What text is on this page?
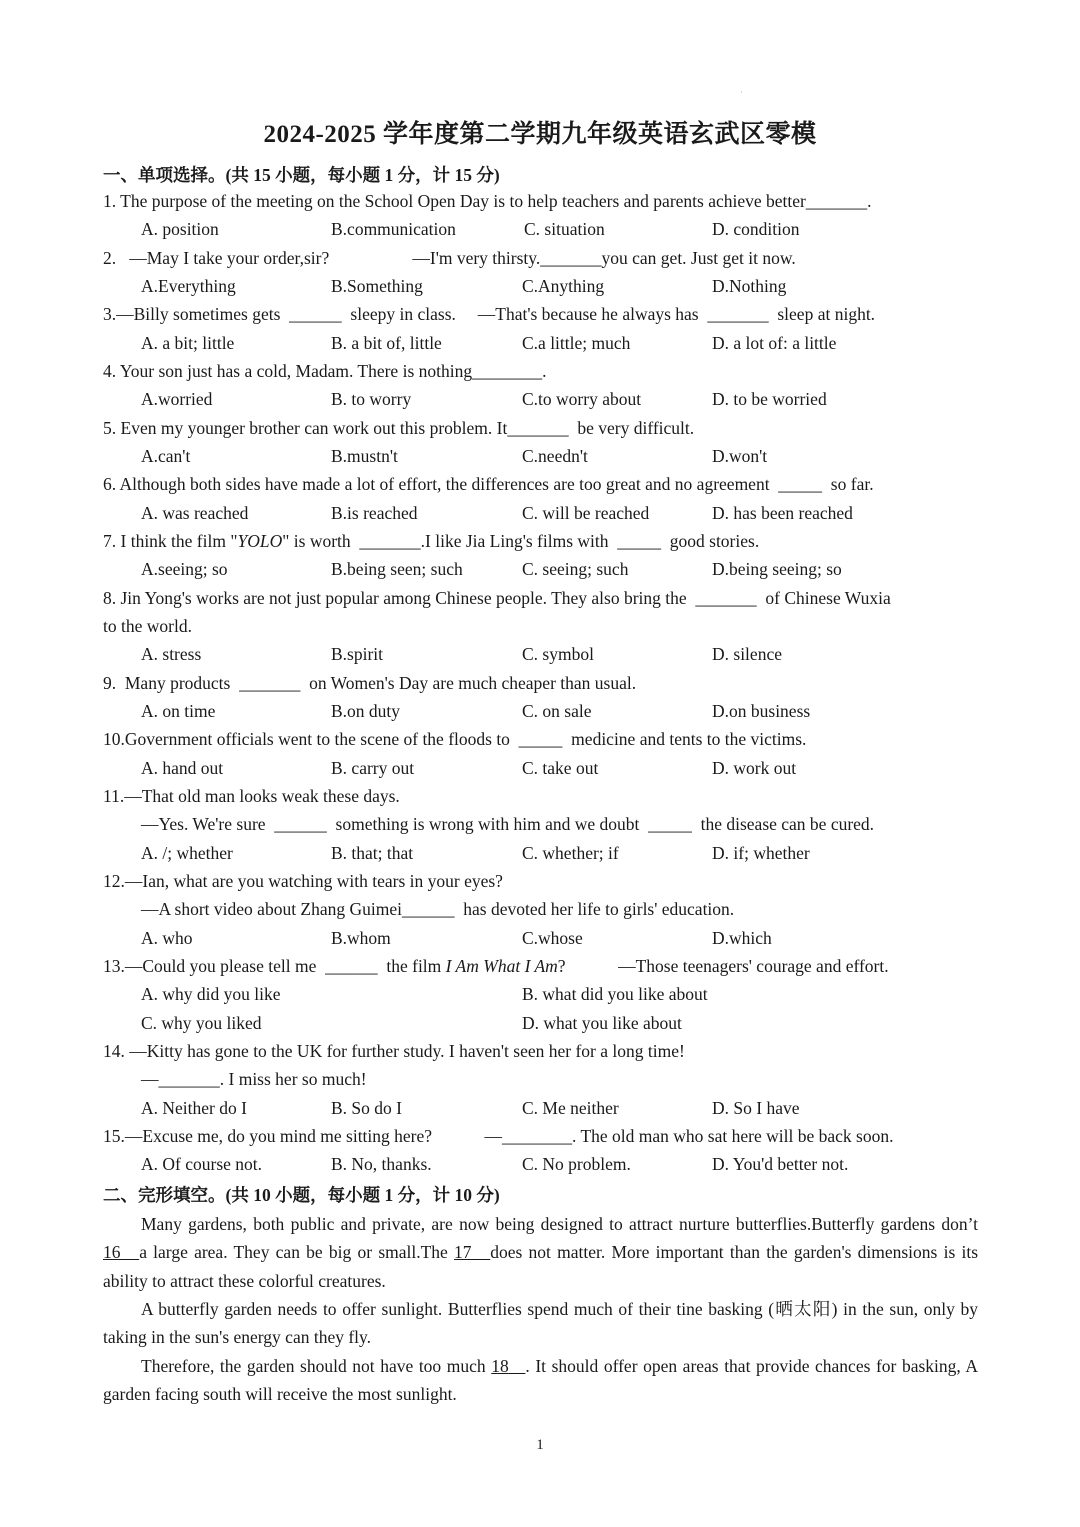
·
2024-2025 学年度第二学期九年级英语玄武区零模
一、单项选择。(共 15 小题，每小题 1 分，计 15 分)
1. The purpose of the meeting on the School Open Day is to help teachers and parents achieve better_______.
A. position	B.communication	C. situation	D. condition
2.   —May I take your order,sir?                   —I'm very thirsty._______you can get. Just get it now.
A.Everything	B.Something	C.Anything	D.Nothing
3.—Billy sometimes gets  ______  sleepy in class.     —That's because he always has  _______  sleep at night.
A. a bit; little	B. a bit of, little	C.a little; much	D. a lot of: a little
4. Your son just has a cold, Madam. There is nothing________.
A.worried	B. to worry	C.to worry about	D. to be worried
5. Even my younger brother can work out this problem. It_______  be very difficult.
A.can't	B.mustn't	C.needn't	D.won't
6. Although both sides have made a lot of effort, the differences are too great and no agreement  _____  so far.
A. was reached	B.is reached	C. will be reached	D. has been reached
7. I think the film "YOLO" is worth  _______.I like Jia Ling's films with  _____  good stories.
A.seeing; so	B.being seen; such	C. seeing; such	D.being seeing; so
8. Jin Yong's works are not just popular among Chinese people. They also bring the  _______  of Chinese Wuxia
to the world.
A. stress	B.spirit	C. symbol	D. silence
9.  Many products  _______  on Women's Day are much cheaper than usual.
A. on time	B.on duty	C. on sale	D.on business
10.Government officials went to the scene of the floods to  _____  medicine and tents to the victims.
A. hand out	B. carry out	C. take out	D. work out
11.—That old man looks weak these days.
—Yes. We're sure  ______  something is wrong with him and we doubt  _____  the disease can be cured.
A. /; whether	B. that; that	C. whether; if	D. if; whether
12.—Ian, what are you watching with tears in your eyes?
—A short video about Zhang Guimei______  has devoted her life to girls' education.
A. who	B.whom	C.whose	D.which
13.—Could you please tell me  ______  the film I Am What I Am?            —Those teenagers' courage and effort.
A. why did you like	B. what did you like about
C. why you liked	D. what you like about
14. —Kitty has gone to the UK for further study. I haven't seen her for a long time!
—_______. I miss her so much!
A. Neither do I	B. So do I	C. Me neither	D. So I have
15.—Excuse me, do you mind me sitting here?            —________. The old man who sat here will be back soon.
A. Of course not.	B. No, thanks.	C. No problem.	D. You'd better not.
二、完形填空。(共 10 小题，每小题 1 分，计 10 分)
Many gardens, both public and private, are now being designed to attract nurture butterflies.Butterfly gardens don’t 16 a large area. They can be big or small.The 17 does not matter. More important than the garden's dimensions is its ability to attract these colorful creatures.
A butterfly garden needs to offer sunlight. Butterflies spend much of their tine basking (晒太阳) in the sun, only by taking in the sun's energy can they fly.
Therefore, the garden should not have too much 18 . It should offer open areas that provide chances for basking, A garden facing south will receive the most sunlight.
1
